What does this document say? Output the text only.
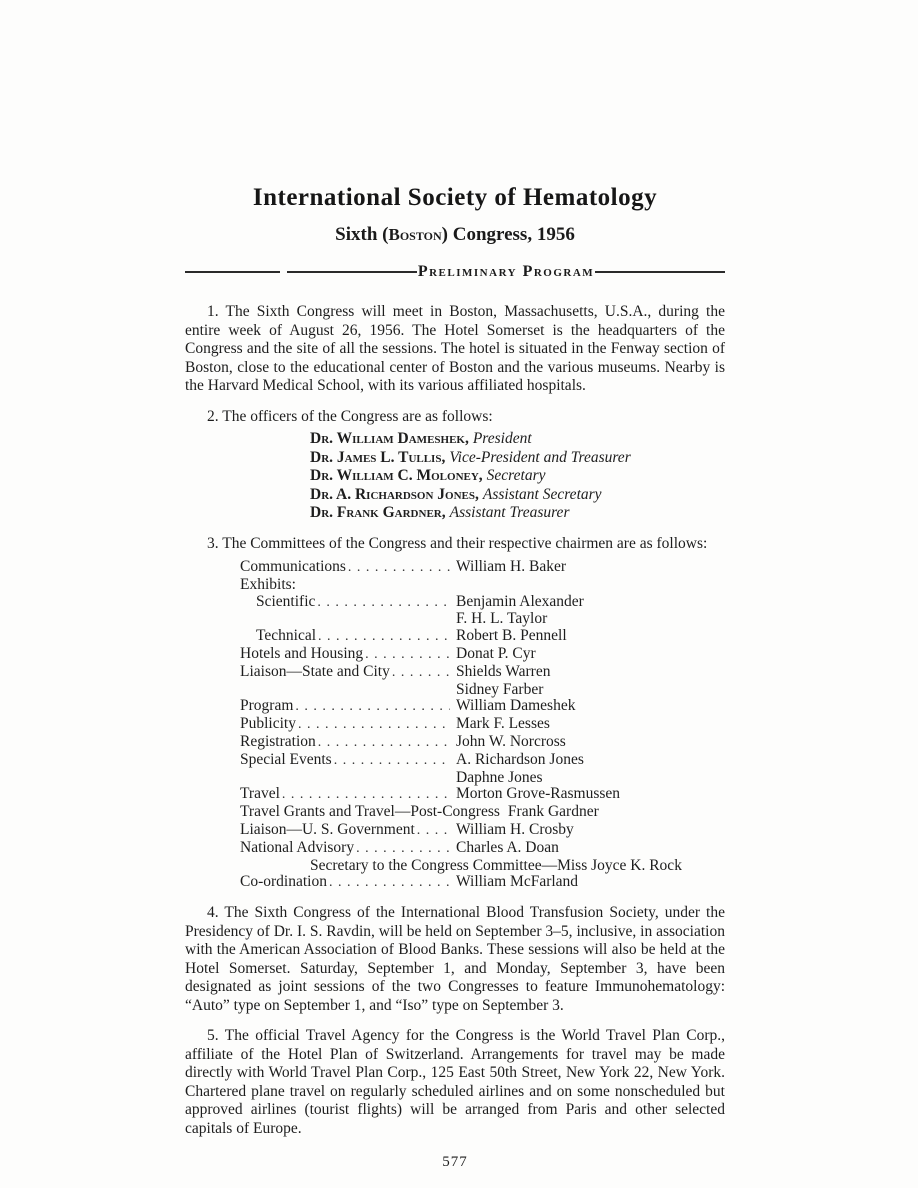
International Society of Hematology
Sixth (Boston) Congress, 1956
Preliminary Program

1. The Sixth Congress will meet in Boston, Massachusetts, U.S.A., during the entire week of August 26, 1956. The Hotel Somerset is the headquarters of the Congress and the site of all the sessions. The hotel is situated in the Fenway section of Boston, close to the educational center of Boston and the various museums. Nearby is the Harvard Medical School, with its various affiliated hospitals.

2. The officers of the Congress are as follows:

Dr. William Dameshek, President
Dr. James L. Tullis, Vice-President and Treasurer
Dr. William C. Moloney, Secretary
Dr. A. Richardson Jones, Assistant Secretary
Dr. Frank Gardner, Assistant Treasurer

3. The Committees of the Congress and their respective chairmen are as follows:

Communications . . .	William H. Baker
Exhibits:
Scientific . . .	Benjamin Alexander
F. H. L. Taylor
Technical . . .	Robert B. Pennell
Hotels and Housing . . .	Donat P. Cyr
Liaison—State and City . . .	Shields Warren
Sidney Farber
Program . . .	William Dameshek
Publicity . . .	Mark F. Lesses
Registration . . .	John W. Norcross
Special Events . . .	A. Richardson Jones
Daphne Jones
Travel . . .	Morton Grove-Rasmussen
Travel Grants and Travel—Post-Congress Frank Gardner
Liaison—U. S. Government . . .	William H. Crosby
National Advisory . . .	Charles A. Doan
Secretary to the Congress Committee—Miss Joyce K. Rock
Co-ordination . . .	William McFarland

4. The Sixth Congress of the International Blood Transfusion Society, under the Presidency of Dr. I. S. Ravdin, will be held on September 3–5, inclusive, in association with the American Association of Blood Banks. These sessions will also be held at the Hotel Somerset. Saturday, September 1, and Monday, September 3, have been designated as joint sessions of the two Congresses to feature Immunohematology: “Auto” type on September 1, and “Iso” type on September 3.

5. The official Travel Agency for the Congress is the World Travel Plan Corp., affiliate of the Hotel Plan of Switzerland. Arrangements for travel may be made directly with World Travel Plan Corp., 125 East 50th Street, New York 22, New York. Chartered plane travel on regularly scheduled airlines and on some nonscheduled but approved airlines (tourist flights) will be arranged from Paris and other selected capitals of Europe.

577
